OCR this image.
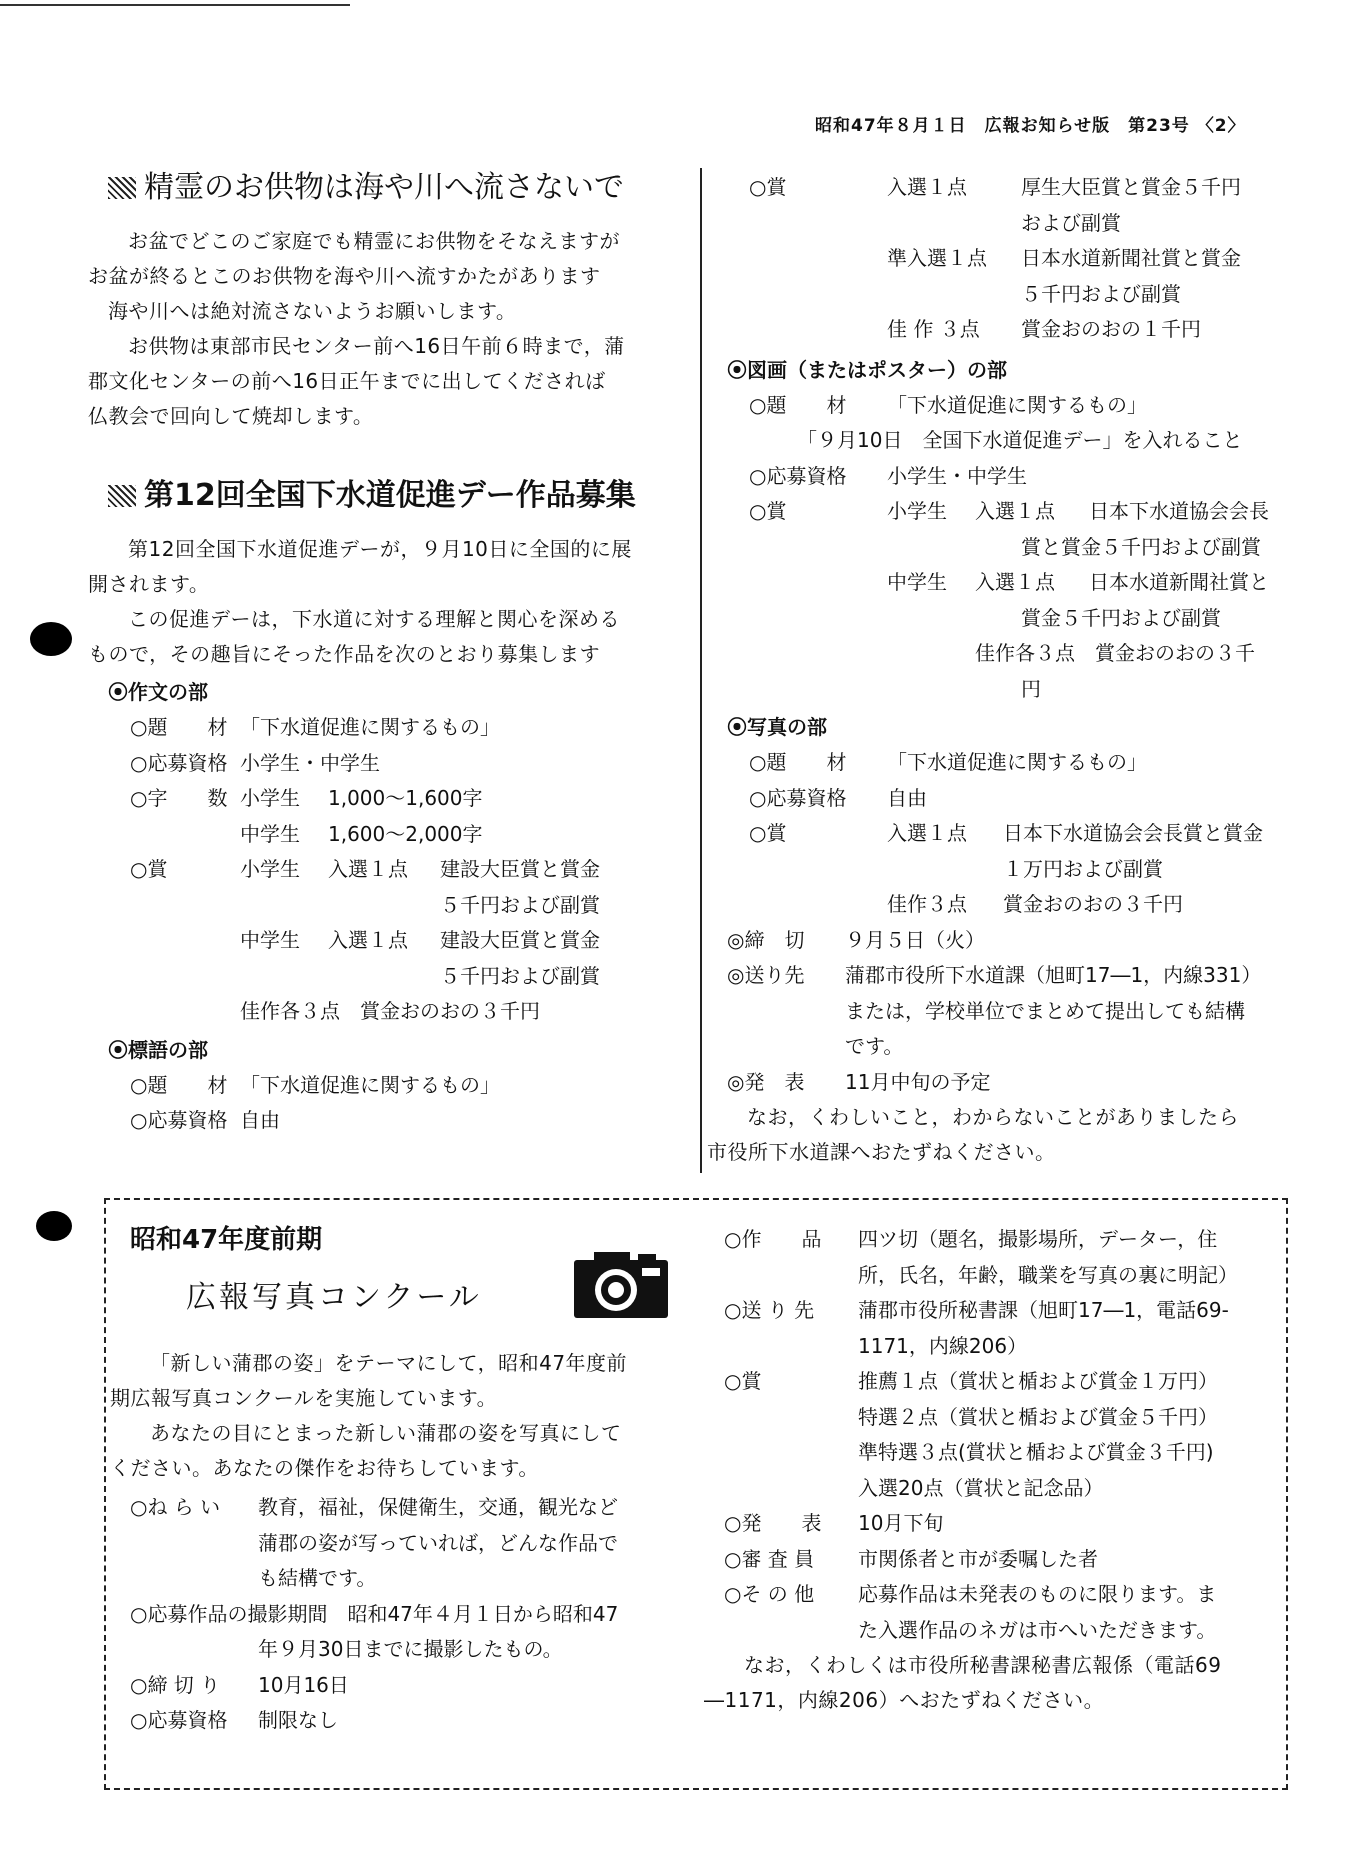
昭和47年８月１日　広報お知らせ版　第23号 〈2〉
精霊のお供物は海や川へ流さないで

お盆でどこのご家庭でも精霊にお供物をそなえますが
お盆が終るとこのお供物を海や川へ流すかたがあります
海や川へは絶対流さないようお願いします。

お供物は東部市民センター前へ16日午前６時まで，蒲
郡文化センターの前へ16日正午までに出してくだされば
仏教会で回向して焼却します。

第12回全国下水道促進デー作品募集

第12回全国下水道促進デーが，９月10日に全国的に展
開されます。

この促進デーは，下水道に対する理解と関心を深める
もので，その趣旨にそった作品を次のとおり募集します

⦿作文の部
○題　　材 「下水道促進に関するもの」
○応募資格 小学生・中学生
○字　　数 小学生	1,000～1,600字
中学生	1,600～2,000字
○賞	小学生	入選１点	建設大臣賞と賞金
５千円および副賞
中学生	入選１点	建設大臣賞と賞金
５千円および副賞
佳作各３点　賞金おのおの３千円
⦿標語の部
○題　　材 「下水道促進に関するもの」
○応募資格 自由
○賞	入選１点	厚生大臣賞と賞金５千円
および副賞
準入選１点	日本水道新聞社賞と賞金
５千円および副賞
佳 作 ３点	賞金おのおの１千円
⦿図画（またはポスター）の部
○題　　材	「下水道促進に関するもの」
「９月10日　全国下水道促進デー」を入れること
○応募資格	小学生・中学生
○賞	小学生	入選１点	日本下水道協会会長
賞と賞金５千円および副賞
中学生	入選１点	日本水道新聞社賞と
賞金５千円および副賞
佳作各３点　賞金おのおの３千
円
⦿写真の部
○題　　材	「下水道促進に関するもの」
○応募資格	自由
○賞	入選１点	日本下水道協会会長賞と賞金
１万円および副賞
佳作３点	賞金おのおの３千円
◎締　切	９月５日（火）
◎送り先	蒲郡市役所下水道課（旭町17―1，内線331）
または，学校単位でまとめて提出しても結構
です。
◎発　表	11月中旬の予定

なお，くわしいこと，わからないことがありましたら
市役所下水道課へおたずねください。

昭和47年度前期
広報写真コンクール

「新しい蒲郡の姿」をテーマにして，昭和47年度前
期広報写真コンクールを実施しています。

あなたの目にとまった新しい蒲郡の姿を写真にして
ください。あなたの傑作をお待ちしています。

○ね ら い	教育，福祉，保健衛生，交通，観光など
蒲郡の姿が写っていれば，どんな作品で
も結構です。
○応募作品の撮影期間　 昭和47年４月１日から昭和47
年９月30日までに撮影したもの。
○締 切 り	10月16日
○応募資格	制限なし
○作　　品	四ツ切（題名，撮影場所，データー，住
所，氏名，年齢，職業を写真の裏に明記）
○送 り 先	蒲郡市役所秘書課（旭町17―1，電話69-
1171，内線206）
○賞	推薦１点（賞状と楯および賞金１万円）
特選２点（賞状と楯および賞金５千円）
準特選３点(賞状と楯および賞金３千円)
入選20点（賞状と記念品）
○発　　表	10月下旬
○審 査 員	市関係者と市が委嘱した者
○そ の 他	応募作品は未発表のものに限ります。ま
た入選作品のネガは市へいただきます。

なお，くわしくは市役所秘書課秘書広報係（電話69
―1171，内線206）へおたずねください。
